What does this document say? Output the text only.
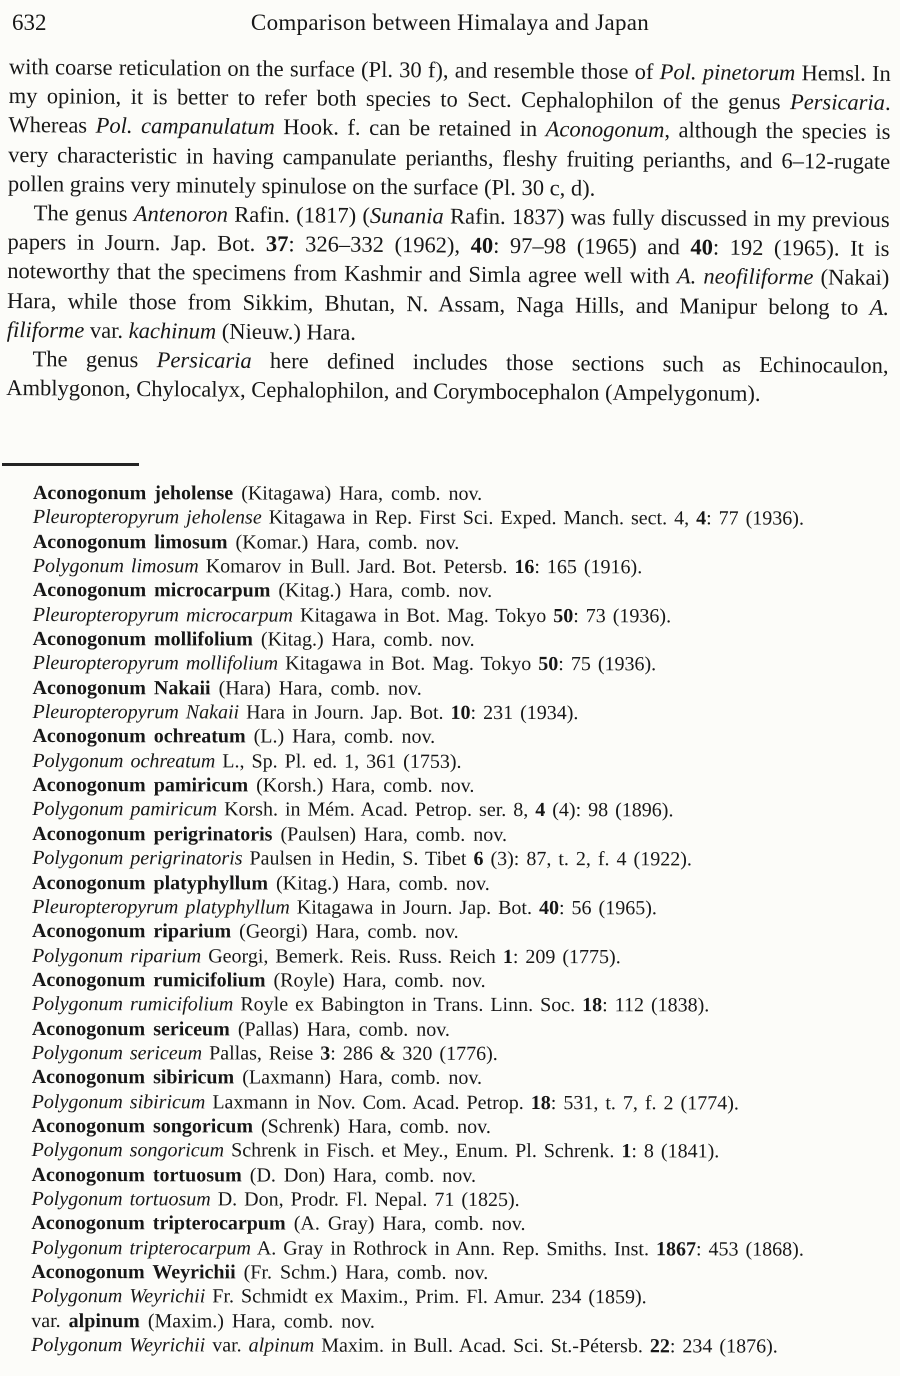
632	Comparison between Himalaya and Japan

with coarse reticulation on the surface (Pl. 30 f), and resemble those of Pol. pinetorum Hemsl. In my opinion, it is better to refer both species to Sect. Cephalophilon of the genus Persicaria. Whereas Pol. campanulatum Hook. f. can be retained in Aconogonum, although the species is very characteristic in having campanulate perianths, fleshy fruiting perianths, and 6–12-rugate pollen grains very minutely spinulose on the surface (Pl. 30 c, d).

The genus Antenoron Rafin. (1817) (Sunania Rafin. 1837) was fully discussed in my previous papers in Journ. Jap. Bot. 37: 326–332 (1962), 40: 97–98 (1965) and 40: 192 (1965). It is noteworthy that the specimens from Kashmir and Simla agree well with A. neofiliforme (Nakai) Hara, while those from Sikkim, Bhutan, N. Assam, Naga Hills, and Manipur belong to A. filiforme var. kachinum (Nieuw.) Hara.

The genus Persicaria here defined includes those sections such as Echinocaulon, Amblygonon, Chylocalyx, Cephalophilon, and Corymbocephalon (Ampelygonum).

Aconogonum jeholense (Kitagawa) Hara, comb. nov.
Pleuropteropyrum jeholense Kitagawa in Rep. First Sci. Exped. Manch. sect. 4, 4: 77 (1936).
Aconogonum limosum (Komar.) Hara, comb. nov.
Polygonum limosum Komarov in Bull. Jard. Bot. Petersb. 16: 165 (1916).
Aconogonum microcarpum (Kitag.) Hara, comb. nov.
Pleuropteropyrum microcarpum Kitagawa in Bot. Mag. Tokyo 50: 73 (1936).
Aconogonum mollifolium (Kitag.) Hara, comb. nov.
Pleuropteropyrum mollifolium Kitagawa in Bot. Mag. Tokyo 50: 75 (1936).
Aconogonum Nakaii (Hara) Hara, comb. nov.
Pleuropteropyrum Nakaii Hara in Journ. Jap. Bot. 10: 231 (1934).
Aconogonum ochreatum (L.) Hara, comb. nov.
Polygonum ochreatum L., Sp. Pl. ed. 1, 361 (1753).
Aconogonum pamiricum (Korsh.) Hara, comb. nov.
Polygonum pamiricum Korsh. in Mém. Acad. Petrop. ser. 8, 4 (4): 98 (1896).
Aconogonum perigrinatoris (Paulsen) Hara, comb. nov.
Polygonum perigrinatoris Paulsen in Hedin, S. Tibet 6 (3): 87, t. 2, f. 4 (1922).
Aconogonum platyphyllum (Kitag.) Hara, comb. nov.
Pleuropteropyrum platyphyllum Kitagawa in Journ. Jap. Bot. 40: 56 (1965).
Aconogonum riparium (Georgi) Hara, comb. nov.
Polygonum riparium Georgi, Bemerk. Reis. Russ. Reich 1: 209 (1775).
Aconogonum rumicifolium (Royle) Hara, comb. nov.
Polygonum rumicifolium Royle ex Babington in Trans. Linn. Soc. 18: 112 (1838).
Aconogonum sericeum (Pallas) Hara, comb. nov.
Polygonum sericeum Pallas, Reise 3: 286 & 320 (1776).
Aconogonum sibiricum (Laxmann) Hara, comb. nov.
Polygonum sibiricum Laxmann in Nov. Com. Acad. Petrop. 18: 531, t. 7, f. 2 (1774).
Aconogonum songoricum (Schrenk) Hara, comb. nov.
Polygonum songoricum Schrenk in Fisch. et Mey., Enum. Pl. Schrenk. 1: 8 (1841).
Aconogonum tortuosum (D. Don) Hara, comb. nov.
Polygonum tortuosum D. Don, Prodr. Fl. Nepal. 71 (1825).
Aconogonum tripterocarpum (A. Gray) Hara, comb. nov.
Polygonum tripterocarpum A. Gray in Rothrock in Ann. Rep. Smiths. Inst. 1867: 453 (1868).
Aconogonum Weyrichii (Fr. Schm.) Hara, comb. nov.
Polygonum Weyrichii Fr. Schmidt ex Maxim., Prim. Fl. Amur. 234 (1859).
var. alpinum (Maxim.) Hara, comb. nov.
Polygonum Weyrichii var. alpinum Maxim. in Bull. Acad. Sci. St.-Pétersb. 22: 234 (1876).
